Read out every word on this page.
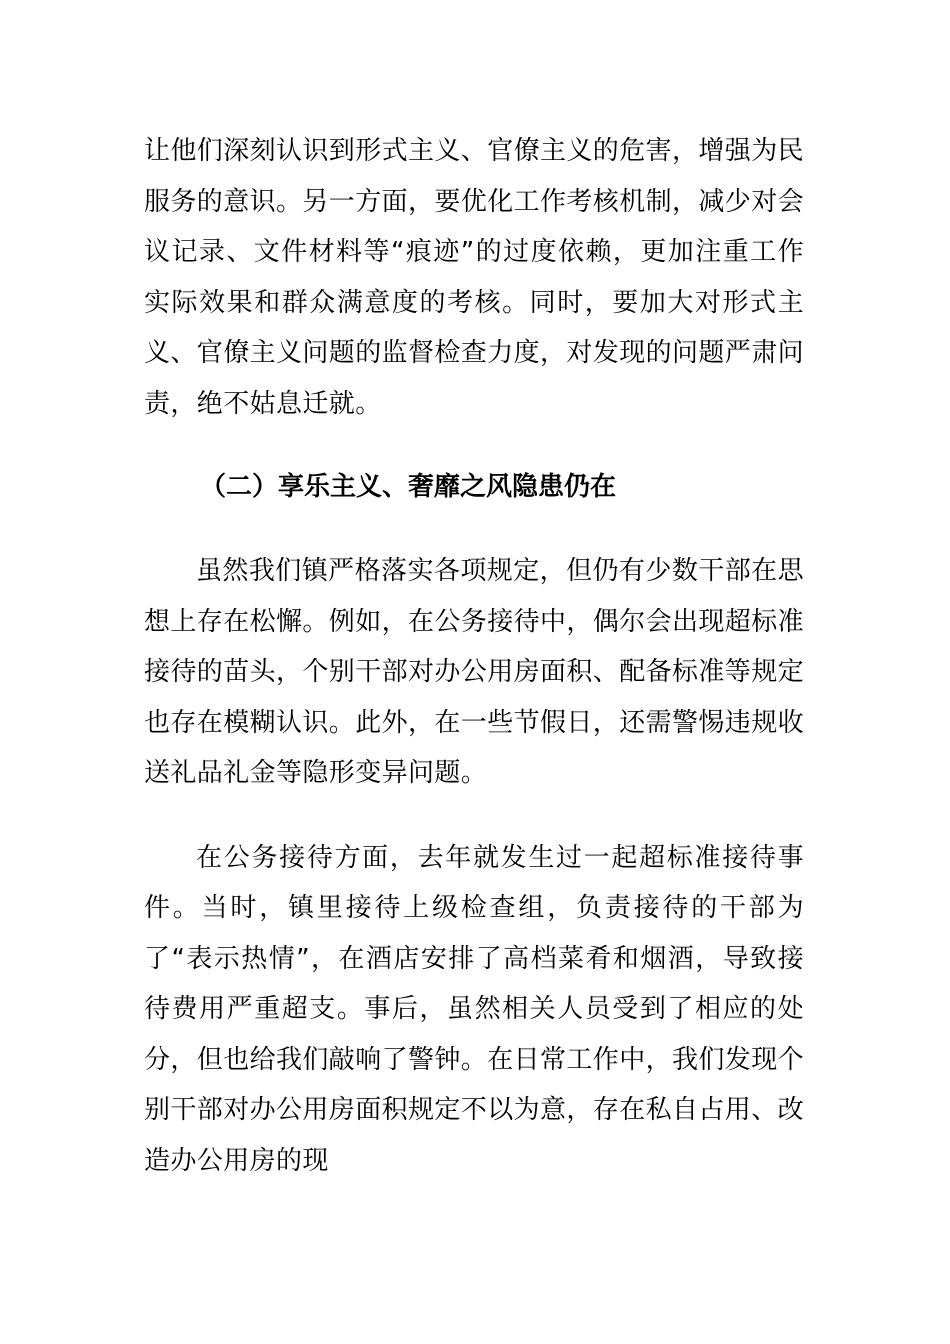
让他们深刻认识到形式主义、官僚主义的危害，增强为民服务的意识。另一方面，要优化工作考核机制，减少对会议记录、文件材料等“痕迹”的过度依赖，更加注重工作实际效果和群众满意度的考核。同时，要加大对形式主义、官僚主义问题的监督检查力度，对发现的问题严肃问责，绝不姑息迁就。

（二）享乐主义、奢靡之风隐患仍在

虽然我们镇严格落实各项规定，但仍有少数干部在思想上存在松懈。例如，在公务接待中，偶尔会出现超标准接待的苗头，个别干部对办公用房面积、配备标准等规定也存在模糊认识。此外，在一些节假日，还需警惕违规收送礼品礼金等隐形变异问题。

在公务接待方面，去年就发生过一起超标准接待事件。当时，镇里接待上级检查组，负责接待的干部为了“表示热情”，在酒店安排了高档菜肴和烟酒，导致接待费用严重超支。事后，虽然相关人员受到了相应的处分，但也给我们敲响了警钟。在日常工作中，我们发现个别干部对办公用房面积规定不以为意，存在私自占用、改造办公用房的现
